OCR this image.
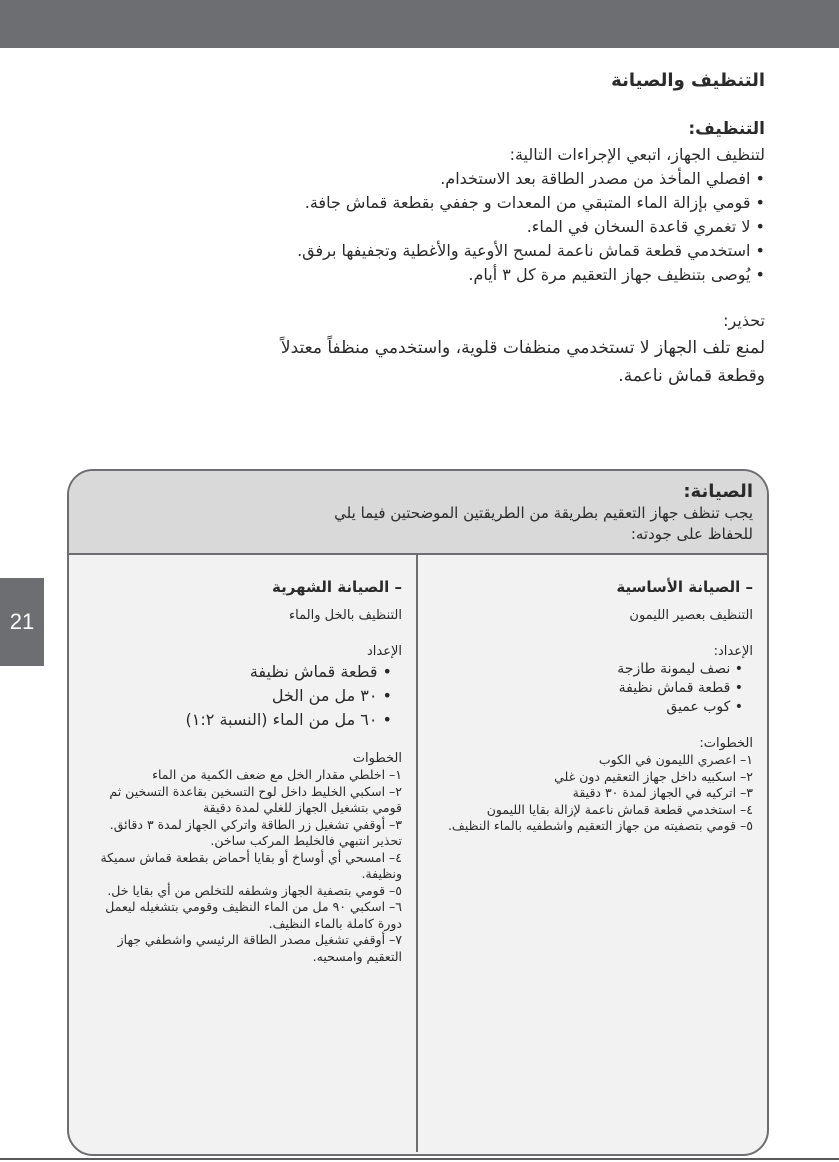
21
التنظيف والصيانة
التنظيف:

لتنظيف الجهاز، اتبعي الإجراءات التالية:

• افصلي المأخذ من مصدر الطاقة بعد الاستخدام.
• قومي بإزالة الماء المتبقي من المعدات و جففي بقطعة قماش جافة.
• لا تغمري قاعدة السخان في الماء.
• استخدمي قطعة قماش ناعمة لمسح الأوعية والأغطية وتجفيفها برفق.
• يُوصى بتنظيف جهاز التعقيم مرة كل ٣ أيام.
تحذير:

لمنع تلف الجهاز لا تستخدمي منظفات قلوية، واستخدمي منظفاً معتدلاً

وقطعة قماش ناعمة.

الصيانة:

يجب تنظف جهاز التعقيم بطريقة من الطريقتين الموضحتين فيما يلي

للحفاظ على جودته:

– الصيانة الأساسية

التنظيف بعصير الليمون

الإعداد:

• نصف ليمونة طازجة
• قطعة قماش نظيفة
• كوب عميق

الخطوات:

١– اعصري الليمون في الكوب
٢– اسكبيه داخل جهاز التعقيم دون غلي
٣– اتركيه في الجهاز لمدة ٣٠ دقيقة
٤– استخدمي قطعة قماش ناعمة لإزالة بقايا الليمون
٥– قومي بتصفيته من جهاز التعقيم واشطفيه بالماء النظيف.

– الصيانة الشهرية

التنظيف بالخل والماء

الإعداد

• قطعة قماش نظيفة
• ٣٠ مل من الخل
• ٦٠ مل من الماء (النسبة ١:٢)

الخطوات

١– اخلطي مقدار الخل مع ضعف الكمية من الماء
٢– اسكبي الخليط داخل لوح التسخين بقاعدة التسخين ثم قومي بتشغيل الجهاز للغلي لمدة دقيقة
٣– أوقفي تشغيل زر الطاقة واتركي الجهاز لمدة ٣ دقائق.
تحذير انتبهي فالخليط المركب ساخن.
٤– امسحي أي أوساخ أو بقايا أحماض بقطعة قماش سميكة ونظيفة.
٥– قومي بتصفية الجهاز وشطفه للتخلص من أي بقايا خل.
٦– اسكبي ٩٠ مل من الماء النظيف وقومي بتشغيله ليعمل دورة كاملة بالماء النظيف.
٧– أوقفي تشغيل مصدر الطاقة الرئيسي واشطفي جهاز التعقيم وامسحيه.
